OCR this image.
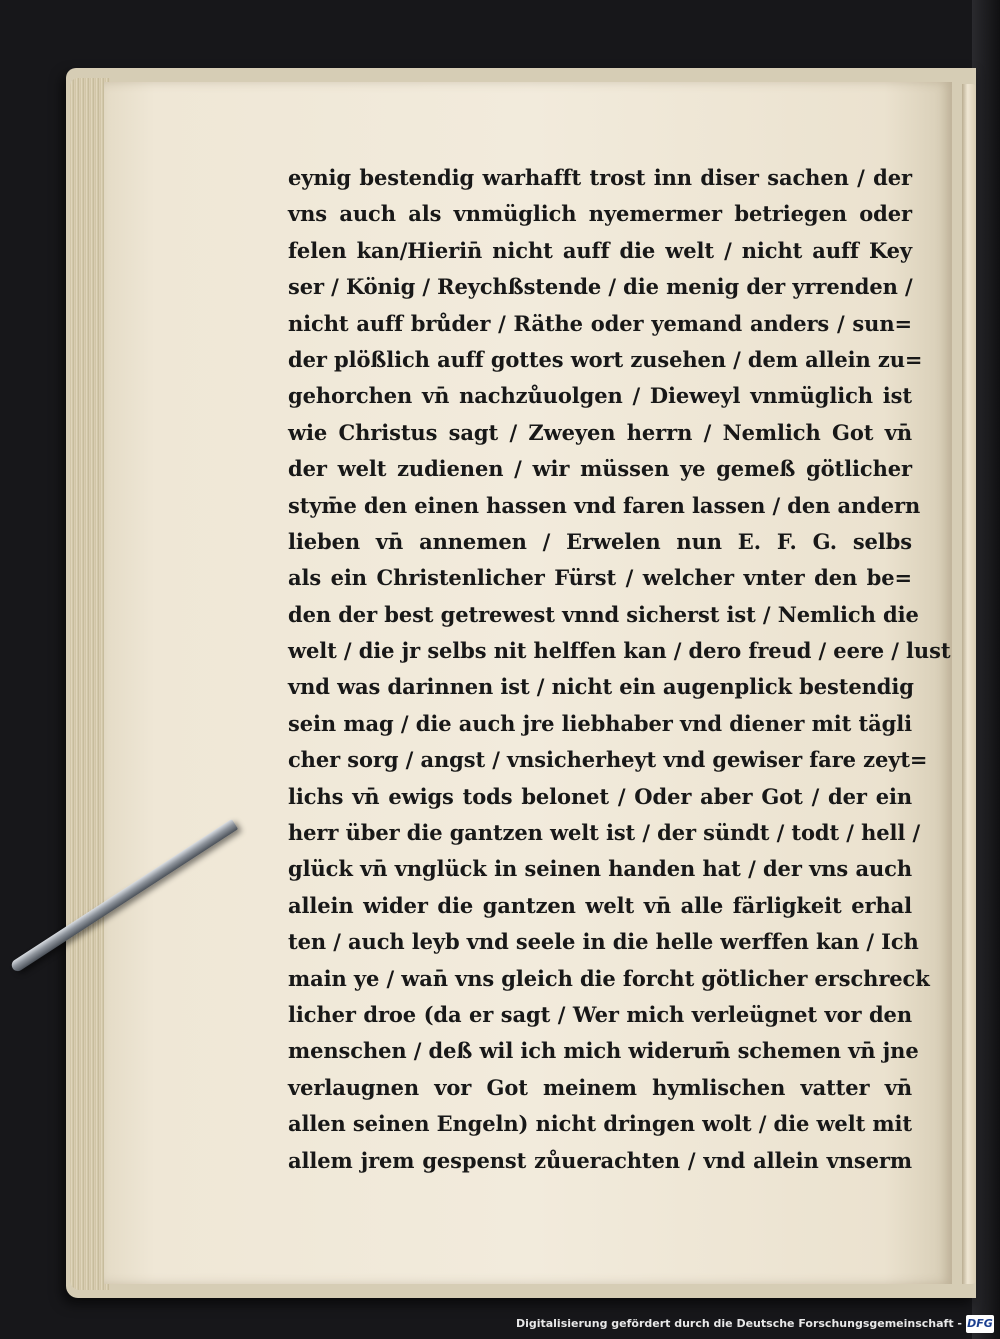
eynig bestendig warhafft trost inn diser sachen / der
vns auch als vnmüglich nyemermer betriegen oder
felen kan/Hierin̄ nicht auff die welt / nicht auff Key
ser / König / Reychßstende / die menig der yrrenden /
nicht auff brůder / Räthe oder yemand anders / sun=
der plößlich auff gottes wort zusehen / dem allein zu=
gehorchen vn̄ nachzůuolgen / Dieweyl vnmüglich ist
wie Christus sagt / Zweyen herrn / Nemlich Got vn̄
der welt zudienen / wir müssen ye gemeß götlicher
stym̄e den einen hassen vnd faren lassen / den andern
lieben vn̄ annemen / Erwelen nun E. F. G. selbs
als ein Christenlicher Fürst / welcher vnter den be=
den der best getrewest vnnd sicherst ist / Nemlich die
welt / die jr selbs nit helffen kan / dero freud / eere / lust
vnd was darinnen ist / nicht ein augenplick bestendig
sein mag / die auch jre liebhaber vnd diener mit tägli
cher sorg / angst / vnsicherheyt vnd gewiser fare zeyt=
lichs vn̄ ewigs tods belonet / Oder aber Got / der ein
herr über die gantzen welt ist / der sündt / todt / hell /
glück vn̄ vnglück in seinen handen hat / der vns auch
allein wider die gantzen welt vn̄ alle färligkeit erhal
ten / auch leyb vnd seele in die helle werffen kan / Ich
main ye / wan̄ vns gleich die forcht götlicher erschreck
licher droe (da er sagt / Wer mich verleügnet vor den
menschen / deß wil ich mich widerum̄ schemen vn̄ jne
verlaugnen vor Got meinem hymlischen vatter vn̄
allen seinen Engeln) nicht dringen wolt / die welt mit
allem jrem gespenst zůuerachten / vnd allein vnserm
Digitalisierung gefördert durch die Deutsche Forschungsgemeinschaft - DFG
